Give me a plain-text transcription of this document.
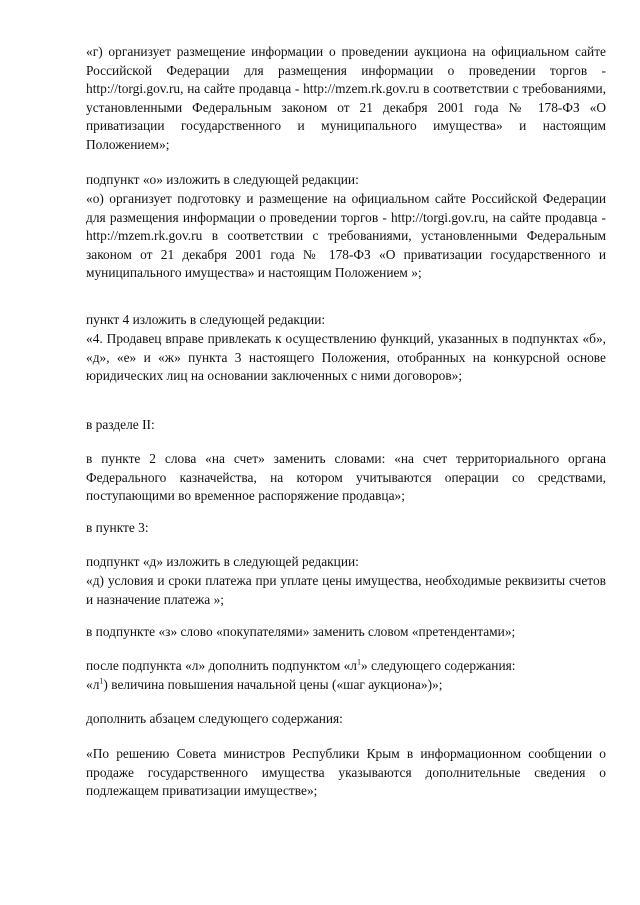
«г) организует размещение информации о проведении аукциона на официальном сайте Российской Федерации для размещения информации о проведении торгов - http://torgi.gov.ru, на сайте продавца - http://mzem.rk.gov.ru в соответствии с требованиями, установленными Федеральным законом от 21 декабря 2001 года № 178-ФЗ «О приватизации государственного и муниципального имущества» и настоящим Положением»;

подпункт «о» изложить в следующей редакции:

«о) организует подготовку и размещение на официальном сайте Российской Федерации для размещения информации о проведении торгов - http://torgi.gov.ru, на сайте продавца - http://mzem.rk.gov.ru в соответствии с требованиями, установленными Федеральным законом от 21 декабря 2001 года № 178-ФЗ «О приватизации государственного и муниципального имущества» и настоящим Положением »;

пункт 4 изложить в следующей редакции:

«4. Продавец вправе привлекать к осуществлению функций, указанных в подпунктах «б», «д», «е» и «ж» пункта 3 настоящего Положения, отобранных на конкурсной основе юридических лиц на основании заключенных с ними договоров»;

в разделе II:

в пункте 2 слова «на счет» заменить словами: «на счет территориального органа Федерального казначейства, на котором учитываются операции со средствами, поступающими во временное распоряжение продавца»;

в пункте 3:

подпункт «д» изложить в следующей редакции:

«д) условия и сроки платежа при уплате цены имущества, необходимые реквизиты счетов и назначение платежа »;

в подпункте «з» слово «покупателями» заменить словом «претендентами»;

после подпункта «л» дополнить подпунктом «$л^1$» следующего содержания:

«$л^1$) величина повышения начальной цены («шаг аукциона»)»;

дополнить абзацем следующего содержания:

«По решению Совета министров Республики Крым в информационном сообщении о продаже государственного имущества указываются дополнительные сведения о подлежащем приватизации имуществе»;
